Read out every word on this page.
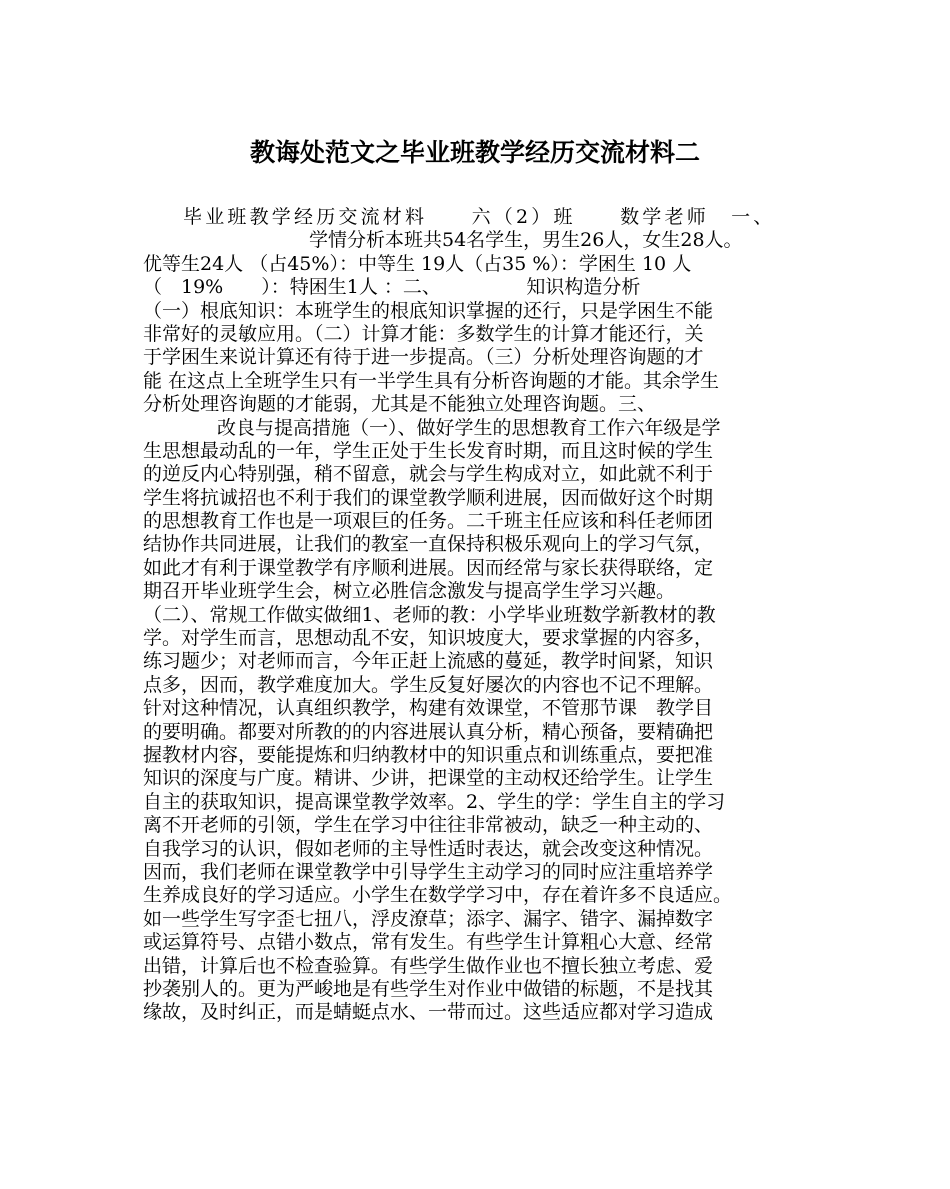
教诲处范文之毕业班教学经历交流材料二
毕业班教学经历交流材料　　六（2）班　　数学老师　一、
学情分析本班共54名学生，男生26人，女生28人。
优等生24人 （占45%）：中等生 19人（占35 %）：学困生 10 人
（　19%　　）：特困生1人 ：二、　　　　　知识构造分析
（一）根底知识：本班学生的根底知识掌握的还行，只是学困生不能
非常好的灵敏应用。（二）计算才能：多数学生的计算才能还行，关
于学困生来说计算还有待于进一步提高。（三）分析处理咨询题的才
能 在这点上全班学生只有一半学生具有分析咨询题的才能。其余学生
分析处理咨询题的才能弱，尤其是不能独立处理咨询题。三、
改良与提高措施（一）、做好学生的思想教育工作六年级是学
生思想最动乱的一年，学生正处于生长发育时期，而且这时候的学生
的逆反内心特别强，稍不留意，就会与学生构成对立，如此就不利于
学生将抗诚招也不利于我们的课堂教学顺利进展，因而做好这个时期
的思想教育工作也是一项艰巨的任务。二千班主任应该和科任老师团
结协作共同进展，让我们的教室一直保持积极乐观向上的学习气氛，
如此才有利于课堂教学有序顺利进展。因而经常与家长获得联络，定
期召开毕业班学生会，树立必胜信念激发与提高学生学习兴趣。
（二）、常规工作做实做细1、老师的教：小学毕业班数学新教材的教
学。对学生而言，思想动乱不安，知识坡度大，要求掌握的内容多，
练习题少；对老师而言，今年正赶上流感的蔓延，教学时间紧，知识
点多，因而，教学难度加大。学生反复好屡次的内容也不记不理解。
针对这种情况，认真组织教学，构建有效课堂，不管那节课　教学目
的要明确。都要对所教的的内容进展认真分析，精心预备，要精确把
握教材内容，要能提炼和归纳教材中的知识重点和训练重点，要把准
知识的深度与广度。精讲、少讲，把课堂的主动权还给学生。让学生
自主的获取知识，提高课堂教学效率。2、学生的学：学生自主的学习
离不开老师的引领，学生在学习中往往非常被动，缺乏一种主动的、
自我学习的认识，假如老师的主导性适时表达，就会改变这种情况。
因而，我们老师在课堂教学中引导学生主动学习的同时应注重培养学
生养成良好的学习适应。小学生在数学学习中，存在着许多不良适应。
如一些学生写字歪七扭八，浮皮潦草；添字、漏字、错字、漏掉数字
或运算符号、点错小数点，常有发生。有些学生计算粗心大意、经常
出错，计算后也不检查验算。有些学生做作业也不擅长独立考虑、爱
抄袭别人的。更为严峻地是有些学生对作业中做错的标题，不是找其
缘故，及时纠正，而是蜻蜓点水、一带而过。这些适应都对学习造成
